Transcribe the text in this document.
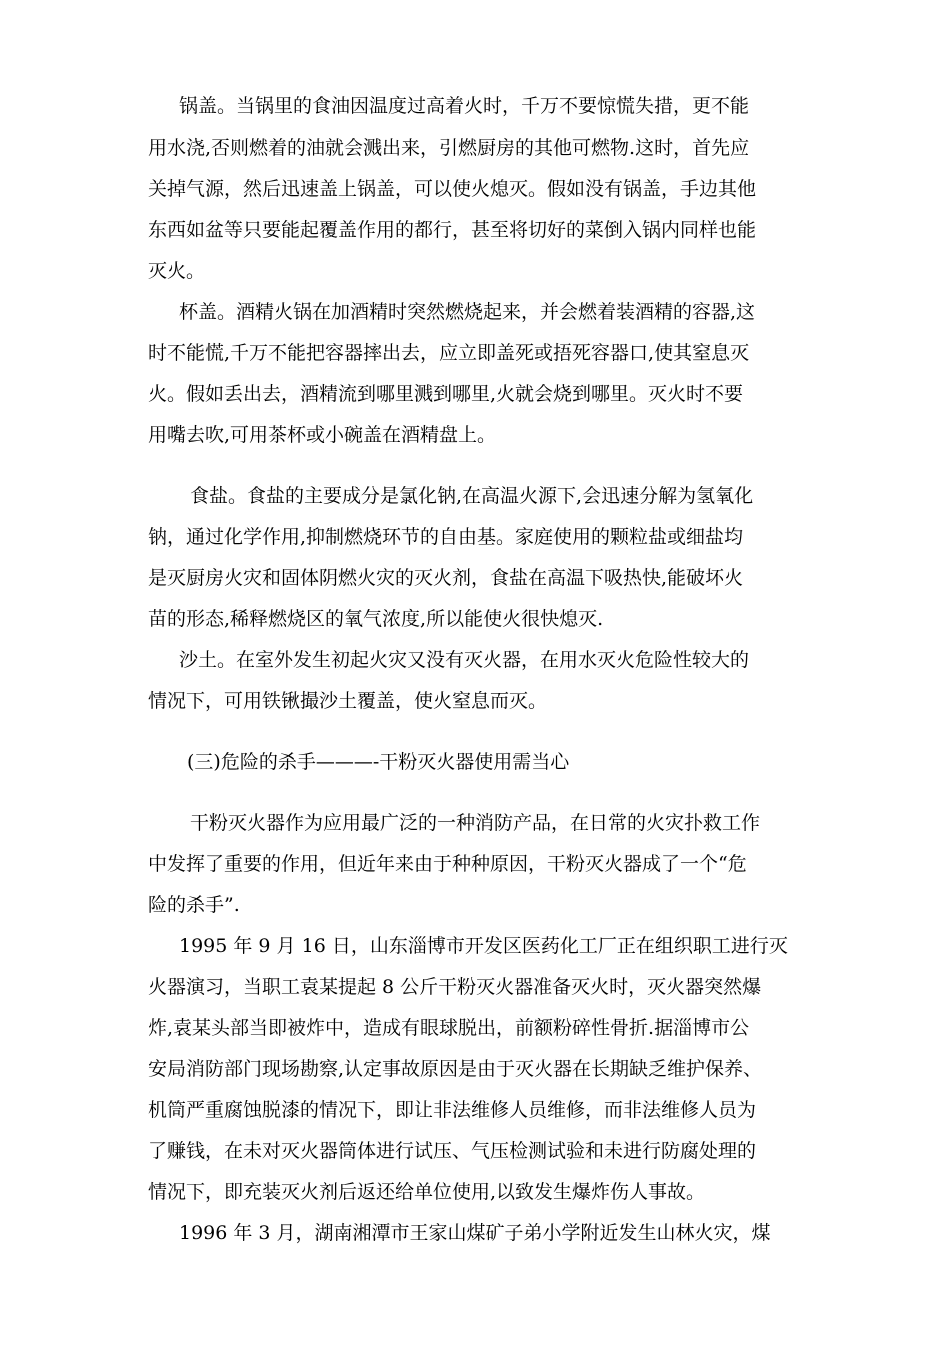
锅盖。当锅里的食油因温度过高着火时，千万不要惊慌失措，更不能
用水浇,否则燃着的油就会溅出来，引燃厨房的其他可燃物.这时，首先应
关掉气源，然后迅速盖上锅盖，可以使火熄灭。假如没有锅盖，手边其他
东西如盆等只要能起覆盖作用的都行，甚至将切好的菜倒入锅内同样也能
灭火。
杯盖。酒精火锅在加酒精时突然燃烧起来，并会燃着装酒精的容器,这
时不能慌,千万不能把容器摔出去，应立即盖死或捂死容器口,使其窒息灭
火。假如丢出去，酒精流到哪里溅到哪里,火就会烧到哪里。灭火时不要
用嘴去吹,可用茶杯或小碗盖在酒精盘上。
食盐。食盐的主要成分是氯化钠,在高温火源下,会迅速分解为氢氧化
钠，通过化学作用,抑制燃烧环节的自由基。家庭使用的颗粒盐或细盐均
是灭厨房火灾和固体阴燃火灾的灭火剂，食盐在高温下吸热快,能破坏火
苗的形态,稀释燃烧区的氧气浓度,所以能使火很快熄灭.
沙土。在室外发生初起火灾又没有灭火器，在用水灭火危险性较大的
情况下，可用铁锹撮沙土覆盖，使火窒息而灭。
(三)危险的杀手———-干粉灭火器使用需当心
干粉灭火器作为应用最广泛的一种消防产品，在日常的火灾扑救工作
中发挥了重要的作用，但近年来由于种种原因，干粉灭火器成了一个“危
险的杀手”.
1995 年 9 月 16 日，山东淄博市开发区医药化工厂正在组织职工进行灭
火器演习，当职工袁某提起 8 公斤干粉灭火器准备灭火时，灭火器突然爆
炸,袁某头部当即被炸中，造成有眼球脱出，前额粉碎性骨折.据淄博市公
安局消防部门现场勘察,认定事故原因是由于灭火器在长期缺乏维护保养、
机筒严重腐蚀脱漆的情况下，即让非法维修人员维修，而非法维修人员为
了赚钱，在未对灭火器筒体进行试压、气压检测试验和未进行防腐处理的
情况下，即充装灭火剂后返还给单位使用,以致发生爆炸伤人事故。
1996 年 3 月，湖南湘潭市王家山煤矿子弟小学附近发生山林火灾，煤
